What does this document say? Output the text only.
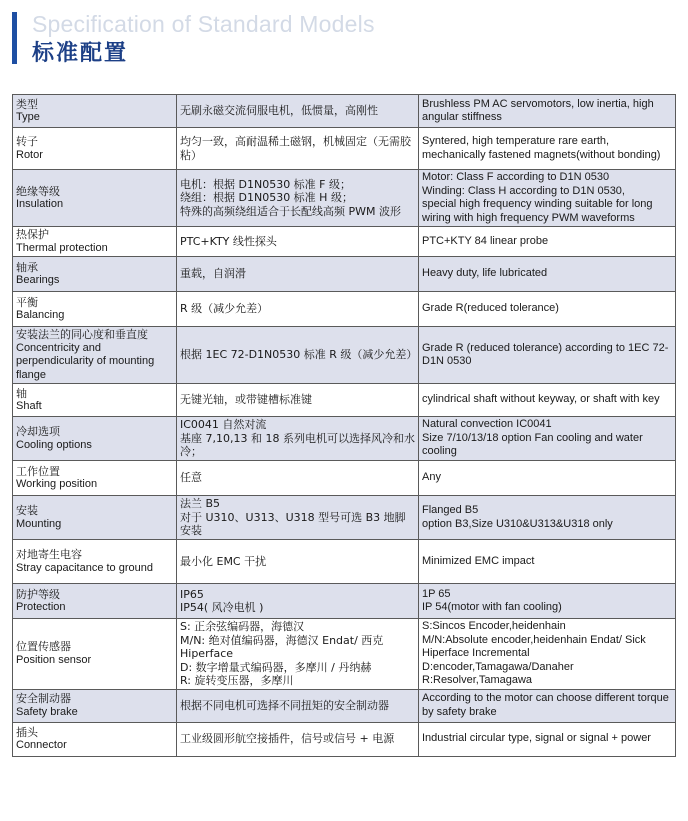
Specification of Standard Models
标准配置
类型
Type	无刷永磁交流伺服电机，低惯量，高刚性	Brushless PM AC servomotors, low inertia, high angular stiffness

转子
Rotor	均匀一致，高耐温稀土磁钢，机械固定（无需胶粘）	Syntered, high temperature rare earth, mechanically fastened magnets(without bonding)

绝缘等级
Insulation	电机：根据 D1N0530 标准 F 级；
绕组：根据 D1N0530 标准 H 级；
特殊的高频绕组适合于长配线高频 PWM 波形	Motor: Class F according to D1N 0530
Winding: Class H according to D1N 0530,
special high frequency winding suitable for long wiring with high frequency PWM waveforms

热保护
Thermal protection	PTC+KTY 线性探头	PTC+KTY 84 linear probe

轴承
Bearings	重载，自润滑	Heavy duty, life lubricated

平衡
Balancing	R 级（减少允差）	Grade R(reduced tolerance)

安装法兰的同心度和垂直度
Concentricity and perpendicularity of mounting flange	根据 1EC 72-D1N0530 标准 R 级（减少允差）	Grade R (reduced tolerance) according to 1EC 72- D1N 0530

轴
Shaft	无键光轴，或带键槽标准键	cylindrical shaft without keyway, or shaft with key

冷却选项
Cooling options	IC0041 自然对流
基座 7,10,13 和 18 系列电机可以选择风冷和水冷；	Natural convection IC0041
Size 7/10/13/18 option Fan cooling and water cooling

工作位置
Working position	任意	Any

安装
Mounting	法兰 B5
对于 U310、U313、U318 型号可选 B3 地脚安装	Flanged B5
option B3,Size U310&U313&U318 only

对地寄生电容
Stray capacitance to ground	最小化 EMC 干扰	Minimized EMC impact

防护等级
Protection	IP65
IP54( 风冷电机 )	1P 65
IP 54(motor with fan cooling)

位置传感器
Position sensor	S: 正余弦编码器，海德汉
M/N: 绝对值编码器，海德汉 Endat/ 西克 Hiperface
D: 数字增量式编码器，多摩川 / 丹纳赫
R: 旋转变压器，多摩川	S:Sincos Encoder,heidenhain
M/N:Absolute encoder,heidenhain Endat/ Sick Hiperface Incremental
D:encoder,Tamagawa/Danaher
R:Resolver,Tamagawa

安全制动器
Safety brake	根据不同电机可选择不同扭矩的安全制动器	According to the motor can choose different torque by safety brake

插头
Connector	工业级圆形航空接插件，信号或信号 + 电源	Industrial circular type, signal or signal + power
